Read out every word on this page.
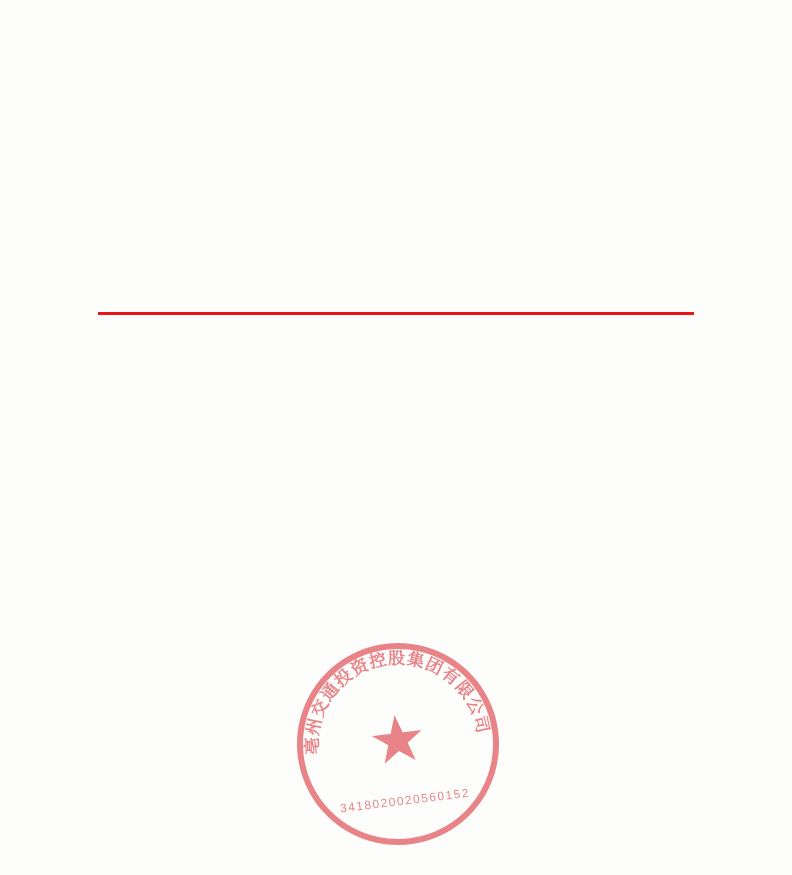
亳州交通投资控股集团有限公司
3418020020560152
